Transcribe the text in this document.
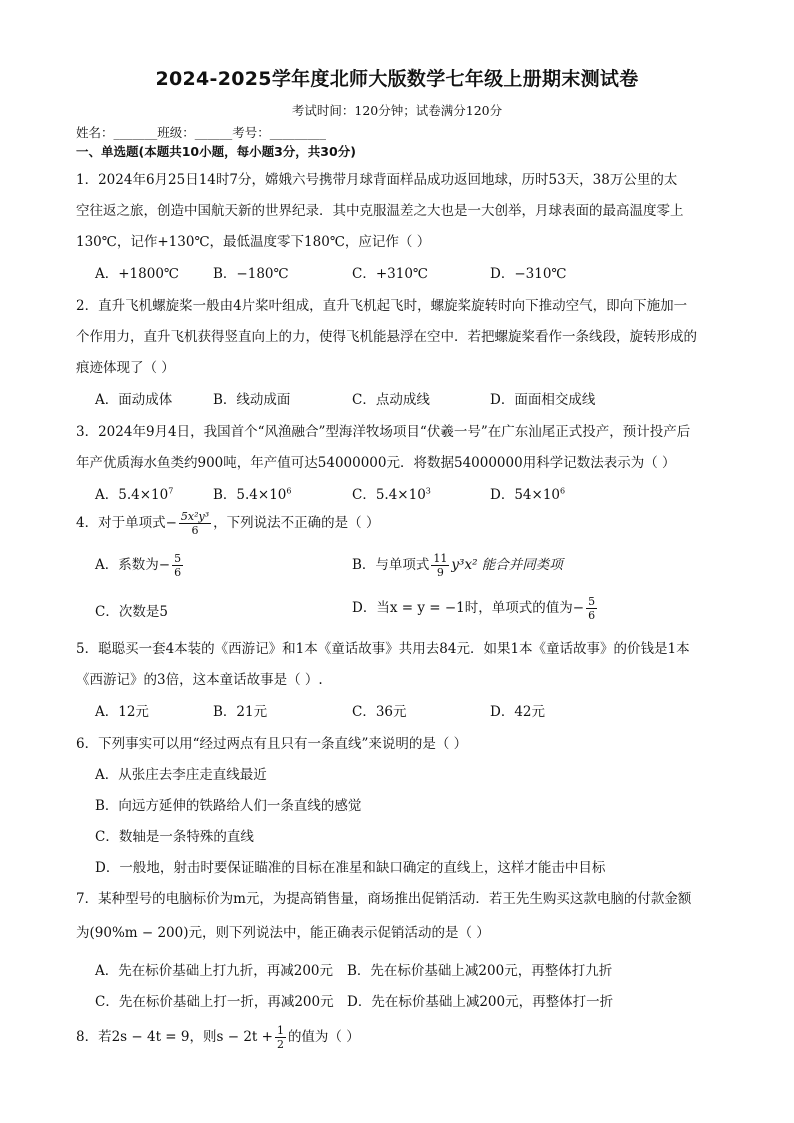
2024-2025学年度北师大版数学七年级上册期末测试卷
考试时间：120分钟；试卷满分120分
姓名：_______班级：______考号：_________
一、单选题(本题共10小题，每小题3分，共30分)
1．2024年6月25日14时7分，嫦娥六号携带月球背面样品成功返回地球，历时53天，38万公里的太
空往返之旅，创造中国航天新的世界纪录．其中克服温差之大也是一大创举，月球表面的最高温度零上
130℃，记作+130℃，最低温度零下180℃，应记作（ ）
A．+1800℃	B．−180℃	C．+310℃	D．−310℃
2．直升飞机螺旋桨一般由4片桨叶组成，直升飞机起飞时，螺旋桨旋转时向下推动空气，即向下施加一
个作用力，直升飞机获得竖直向上的力，使得飞机能悬浮在空中．若把螺旋桨看作一条线段，旋转形成的
痕迹体现了（ ）
A．面动成体	B．线动成面	C．点动成线	D．面面相交成线
3．2024年9月4日，我国首个“风渔融合”型海洋牧场项目“伏羲一号”在广东汕尾正式投产，预计投产后
年产优质海水鱼类约900吨，年产值可达54000000元．将数据54000000用科学记数法表示为（ ）
A．$5.4\times 10^7$	B．$5.4\times 10^6$	C．$5.4\times 10^3$	D．$54\times 10^6$
4．对于单项式− $\frac{\text{5x²y³}}{6}$ ，下列说法不正确的是（ ）
A．系数为− $\frac{5}{6}$	B．与单项式 $\frac{11}{9} y^3x^2$ 能合并同类项
C．次数是5	D．当x = y = −1时，单项式的值为− $\frac{5}{6}$
5．聪聪买一套4本装的《西游记》和1本《童话故事》共用去84元．如果1本《童话故事》的价钱是1本
《西游记》的3倍，这本童话故事是（ ）.
A．12元	B．21元	C．36元	D．42元
6．下列事实可以用“经过两点有且只有一条直线”来说明的是（ ）
A．从张庄去李庄走直线最近
B．向远方延伸的铁路给人们一条直线的感觉
C．数轴是一条特殊的直线
D．一般地，射击时要保证瞄准的目标在准星和缺口确定的直线上，这样才能击中目标
7．某种型号的电脑标价为m元，为提高销售量，商场推出促销活动．若王先生购买这款电脑的付款金额
为(90%m − 200)元，则下列说法中，能正确表示促销活动的是（ ）
A．先在标价基础上打九折，再减200元 B．先在标价基础上减200元，再整体打九折
C．先在标价基础上打一折，再减200元 D．先在标价基础上减200元，再整体打一折
8．若2s − 4t = 9，则$s - 2t + \frac{1}{2}$ 的值为（ ）
